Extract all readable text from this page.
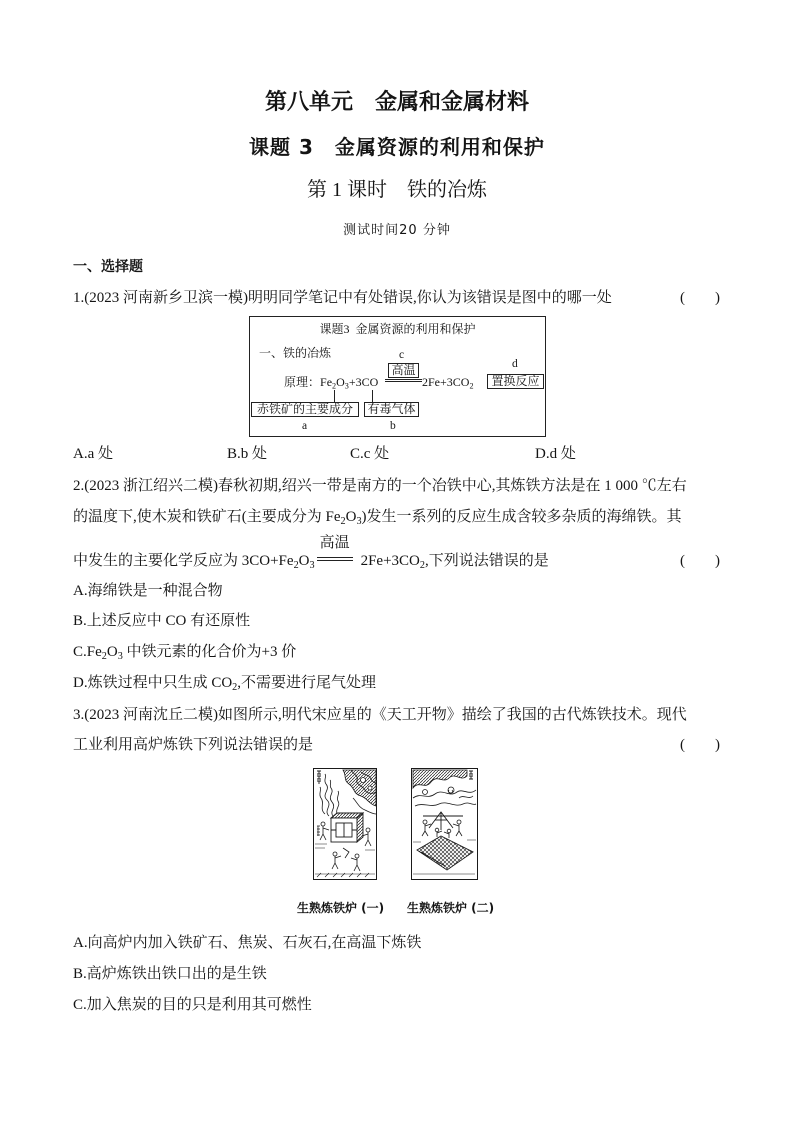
第八单元　金属和金属材料
课题 3　金属资源的利用和保护
第 1 课时　铁的冶炼
测试时间20 分钟
一、选择题
1.(2023 河南新乡卫滨一模)明明同学笔记中有处错误,你认为该错误是图中的哪一处	(　　)
课题3  金属资源的利用和保护
一、铁的冶炼	c
高温
原理：$Fe_2O_3+3CO$	$2Fe+3CO_2$
d
置换反应
赤铁矿的主要成分	有毒气体
a	b
A.a 处	B.b 处	C.c 处	D.d 处
2.(2023 浙江绍兴二模)春秋初期,绍兴一带是南方的一个冶铁中心,其炼铁方法是在 1 000 ℃左右
的温度下,使木炭和铁矿石(主要成分为 $Fe_2O_3$)发生一系列的反应生成含较多杂质的海绵铁。其
中发生的主要化学反应为 $3CO+Fe_2O_3$
高温
$2Fe+3CO_2$,下列说法错误的是	(　　)
A.海绵铁是一种混合物
B.上述反应中 CO 有还原性
$C.Fe_2O_3$ 中铁元素的化合价为+3 价
D.炼铁过程中只生成 $CO_2$,不需要进行尾气处理
3.(2023 河南沈丘二模)如图所示,明代宋应星的《天工开物》描绘了我国的古代炼铁技术。现代
工业利用高炉炼铁下列说法错误的是	(　　)
生熟炼铁炉 (一) 生熟炼铁炉 (二)
A.向高炉内加入铁矿石、焦炭、石灰石,在高温下炼铁
B.高炉炼铁出铁口出的是生铁
C.加入焦炭的目的只是利用其可燃性
